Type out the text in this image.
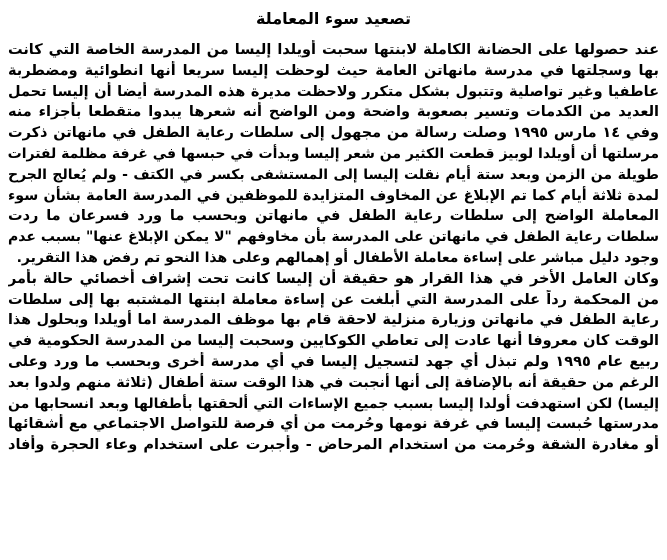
تصعيد سوء المعاملة
عند حصولها على الحضانة الكاملة لابنتها سحبت أويلدا إليسا من المدرسة الخاصة التي كانت
بها وسجلتها في مدرسة مانهاتن العامة حيث لوحظت إليسا سريعا أنها انطوائية ومضطربة
عاطفيا وغير تواصلية وتتبول بشكل متكرر ولاحظت مديرة هذه المدرسة أيضا أن إليسا تحمل
العديد من الكدمات وتسير بصعوبة واضحة ومن الواضح أنه شعرها يبدوا متقطعا بأجزاء منه
وفي ١٤ مارس ١٩٩٥ وصلت رسالة من مجهول إلى سلطات رعاية الطفل في مانهاتن ذكرت
مرسلتها أن أويلدا لوبيز قطعت الكثير من شعر إليسا وبدأت في حبسها في غرفة مظلمة لفترات
طويلة من الزمن وبعد ستة أيام نقلت إليسا إلى المستشفى بكسر في الكتف - ولم يُعالج الجرح
لمدة ثلاثة أيام كما تم الإبلاغ عن المخاوف المتزايدة للموظفين في المدرسة العامة بشأن سوء
المعاملة الواضح إلى سلطات رعاية الطفل في مانهاتن وبحسب ما ورد فسرعان ما ردت
سلطات رعاية الطفل في مانهاتن على المدرسة بأن مخاوفهم "لا يمكن الإبلاغ عنها" بسبب عدم
وجود دليل مباشر على إساءة معاملة الأطفال أو إهمالهم وعلى هذا النحو تم رفض هذا التقرير.
وكان العامل الأخر في هذا القرار هو حقيقة أن إليسا كانت تحت إشراف أخصائي حالة بأمر
من المحكمة رداً على المدرسة التي أبلغت عن إساءة معاملة ابنتها المشتبه بها إلى سلطات
رعاية الطفل في مانهاتن وزيارة منزلية لاحقة قام بها موظف المدرسة اما أويلدا وبحلول هذا
الوقت كان معروفا أنها عادت إلى تعاطي الكوكايين وسحبت إليسا من المدرسة الحكومية في
ربيع عام ١٩٩٥ ولم تبذل أي جهد لتسجيل إليسا في أي مدرسة أخرى وبحسب ما ورد وعلى
الرغم من حقيقة أنه بالإضافة إلى أنها أنجبت في هذا الوقت ستة أطفال (ثلاثة منهم ولدوا بعد
إليسا) لكن استهدفت أولدا إليسا بسبب جميع الإساءات التي ألحقتها بأطفالها وبعد انسحابها من
مدرستها حُبست إليسا في غرفة نومها وحُرمت من أي فرصة للتواصل الاجتماعي مع أشقائها
أو مغادرة الشقة وحُرمت من استخدام المرحاض - وأجبرت على استخدام وعاء الحجرة وأفاد
